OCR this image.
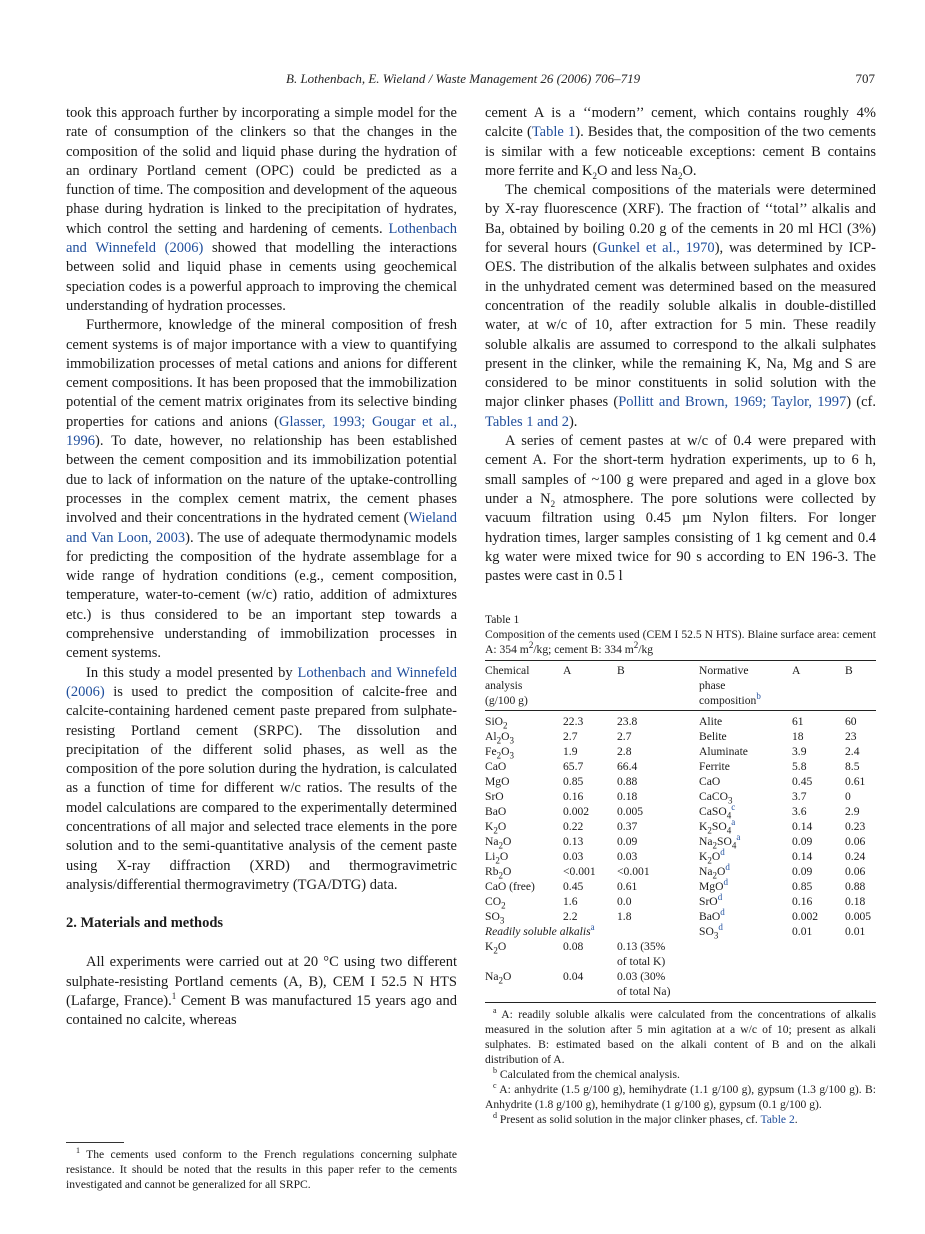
B. Lothenbach, E. Wieland / Waste Management 26 (2006) 706–719	707

took this approach further by incorporating a simple model for the rate of consumption of the clinkers so that the changes in the composition of the solid and liquid phase during the hydration of an ordinary Portland cement (OPC) could be predicted as a function of time. The composition and development of the aqueous phase during hydration is linked to the precipitation of hydrates, which control the setting and hardening of cements. Lothenbach and Winnefeld (2006) showed that modelling the interactions between solid and liquid phase in cements using geochemical speciation codes is a powerful approach to improving the chemical understanding of hydration processes.

Furthermore, knowledge of the mineral composition of fresh cement systems is of major importance with a view to quantifying immobilization processes of metal cations and anions for different cement compositions. It has been proposed that the immobilization potential of the cement matrix originates from its selective binding properties for cations and anions (Glasser, 1993; Gougar et al., 1996). To date, however, no relationship has been established between the cement composition and its immobilization potential due to lack of information on the nature of the uptake-controlling processes in the complex cement matrix, the cement phases involved and their concentrations in the hydrated cement (Wieland and Van Loon, 2003). The use of adequate thermodynamic models for predicting the composition of the hydrate assemblage for a wide range of hydration conditions (e.g., cement composition, temperature, water-to-cement (w/c) ratio, addition of admixtures etc.) is thus considered to be an important step towards a comprehensive understanding of immobilization processes in cement systems.

In this study a model presented by Lothenbach and Winnefeld (2006) is used to predict the composition of calcite-free and calcite-containing hardened cement paste prepared from sulphate-resisting Portland cement (SRPC). The dissolution and precipitation of the different solid phases, as well as the composition of the pore solution during the hydration, is calculated as a function of time for different w/c ratios. The results of the model calculations are compared to the experimentally determined concentrations of all major and selected trace elements in the pore solution and to the semi-quantitative analysis of the cement paste using X-ray diffraction (XRD) and thermogravimetric analysis/differential thermogravimetry (TGA/DTG) data.

2. Materials and methods

All experiments were carried out at 20 °C using two different sulphate-resisting Portland cements (A, B), CEM I 52.5 N HTS (Lafarge, France).$^1$ Cement B was manufactured 15 years ago and contained no calcite, whereas

$^1$ The cements used conform to the French regulations concerning sulphate resistance. It should be noted that the results in this paper refer to the cements investigated and cannot be generalized for all SRPC.

cement A is a ‘‘modern’’ cement, which contains roughly 4% calcite (Table 1). Besides that, the composition of the two cements is similar with a few noticeable exceptions: cement B contains more ferrite and $K_2O$ and less $Na_2O$.

The chemical compositions of the materials were determined by X-ray fluorescence (XRF). The fraction of ‘‘total’’ alkalis and Ba, obtained by boiling 0.20 g of the cements in 20 ml HCl (3%) for several hours (Gunkel et al., 1970), was determined by ICP-OES. The distribution of the alkalis between sulphates and oxides in the unhydrated cement was determined based on the measured concentration of the readily soluble alkalis in double-distilled water, at w/c of 10, after extraction for 5 min. These readily soluble alkalis are assumed to correspond to the alkali sulphates present in the clinker, while the remaining K, Na, Mg and S are considered to be minor constituents in solid solution with the major clinker phases (Pollitt and Brown, 1969; Taylor, 1997) (cf. Tables 1 and 2).

A series of cement pastes at w/c of 0.4 were prepared with cement A. For the short-term hydration experiments, up to 6 h, small samples of ~100 g were prepared and aged in a glove box under a $N_2$ atmosphere. The pore solutions were collected by vacuum filtration using 0.45 µm Nylon filters. For longer hydration times, larger samples consisting of 1 kg cement and 0.4 kg water were mixed twice for 90 s according to EN 196-3. The pastes were cast in 0.5 l

Table 1
Composition of the cements used (CEM I 52.5 N HTS). Blaine surface area: cement A: 354 $m^2/kg$; cement B: 334 $m^2/kg$
Chemical
analysis
(g/100 g)	A	B	Normative
phase
composition$^b$	A	B
SiO$_2$	22.3	23.8	Alite	61	60
$Al_2O_3$	2.7	2.7	Belite	18	23
$Fe_2O_3$	1.9	2.8	Aluminate	3.9	2.4
CaO	65.7	66.4	Ferrite	5.8	8.5
MgO	0.85	0.88	CaO	0.45	0.61
SrO	0.16	0.18	CaCO$_3$	3.7	0
BaO	0.002	0.005	CaSO$_4^c$	3.6	2.9
$K_2O$	0.22	0.37	$K_2SO_4^a$	0.14	0.23
$Na_2O$	0.13	0.09	$Na_2SO_4^a$	0.09	0.06
$Li_2O$	0.03	0.03	$K_2O^d$	0.14	0.24
$Rb_2O$	<0.001	<0.001	$Na_2O^d$	0.09	0.06
CaO (free)	0.45	0.61	MgO$^d$	0.85	0.88
$CO_2$	1.6	0.0	SrO$^d$	0.16	0.18
$SO_3$	2.2	1.8	BaO$^d$	0.002	0.005
Readily soluble alkalis$^a$			$SO_3^d$	0.01	0.01
$K_2O$	0.08	0.13 (35%
of total K)			
$Na_2O$	0.04	0.03 (30%
of total Na)			

$^a$ A: readily soluble alkalis were calculated from the concentrations of alkalis measured in the solution after 5 min agitation at a w/c of 10; present as alkali sulphates. B: estimated based on the alkali content of B and on the alkali distribution of A.

$^b$ Calculated from the chemical analysis.

$^c$ A: anhydrite (1.5 g/100 g), hemihydrate (1.1 g/100 g), gypsum (1.3 g/100 g). B: Anhydrite (1.8 g/100 g), hemihydrate (1 g/100 g), gypsum (0.1 g/100 g).

$^d$ Present as solid solution in the major clinker phases, cf. Table 2.
